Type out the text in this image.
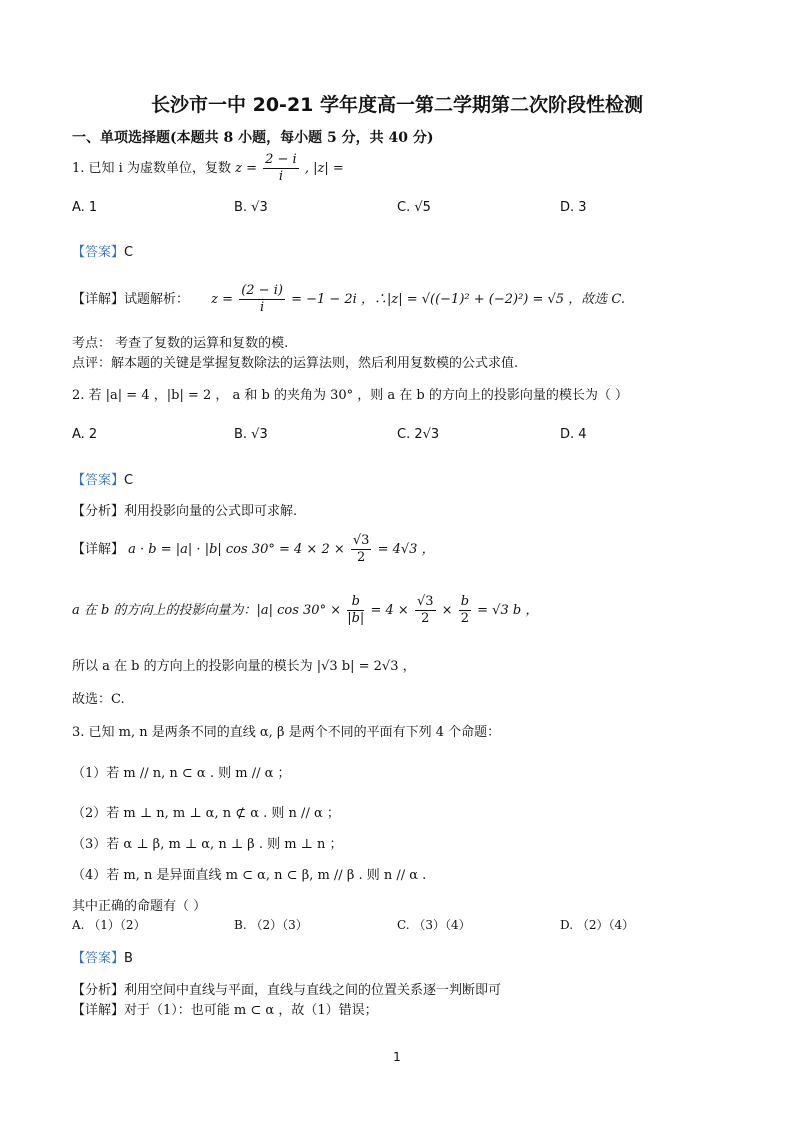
长沙市一中 20-21 学年度高一第二学期第二次阶段性检测
一、单项选择题(本题共 8 小题，每小题 5 分，共 40 分)
1. 已知 i 为虚数单位，复数 $z = \frac{2 - i}{i}$ , |z| =
A. 1	B. √3	C. √5	D. 3
【答案】C
【详解】试题解析： $z = \frac{(2 - i)}{i} = -1 - 2i$ ，∴|z| = √((−1)² + (−2)²) = √5 ，故选 C.
考点： 考查了复数的运算和复数的模.
点评：解本题的关键是掌握复数除法的运算法则，然后利用复数模的公式求值.
2. 若 |a| = 4 ，|b| = 2 ， a 和 b 的夹角为 30° ，则 a 在 b 的方向上的投影向量的模长为（ ）
A. 2	B. √3	C. 2√3	D. 4
【答案】C
【分析】利用投影向量的公式即可求解.
【详解】 a · b = |a| · |b| $\cos 30^\circ = 4 \times 2 \times \frac{√3}{2} = 4√3$ ，
a 在 b 的方向上的投影向量为：|a| $\cos 30^\circ \times \frac{b}{|b|} = 4 \times \frac{√3}{2} \times \frac{b}{2} = √3$ b ，
所以 a 在 b 的方向上的投影向量的模长为 |√3 b| = 2√3 ，
故选：C.
3. 已知 m, n 是两条不同的直线 α, β 是两个不同的平面有下列 4 个命题：
（1）若 m // n, n ⊂ α . 则 m // α ；
（2）若 m ⊥ n, m ⊥ α, n ⊄ α . 则 n // α ；
（3）若 α ⊥ β, m ⊥ α, n ⊥ β . 则 m ⊥ n ；
（4）若 m, n 是异面直线 m ⊂ α, n ⊂ β, m // β . 则 n // α .
其中正确的命题有（ ）
A. （1）（2）	B. （2）（3）	C. （3）（4）	D. （2）（4）
【答案】B
【分析】利用空间中直线与平面，直线与直线之间的位置关系逐一判断即可
【详解】对于（1）：也可能 m ⊂ α ，故（1）错误；
1
